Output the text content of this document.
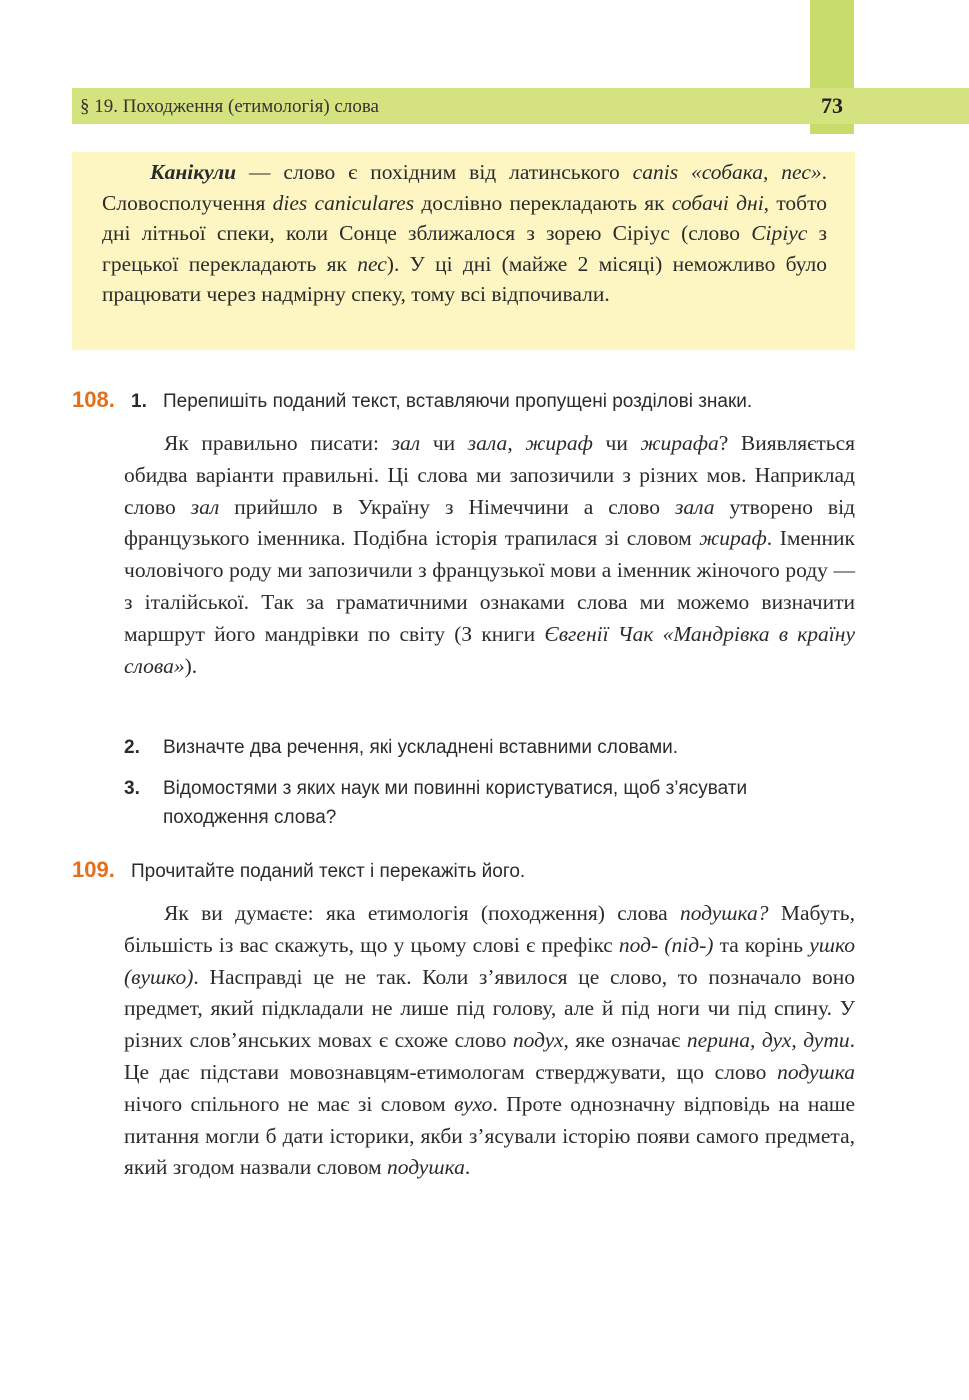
§ 19. Походження (етимологія) слова	73

Канікули — слово є похідним від латинського canis «собака, пес». Словосполучення dies caniculares дослівно перекладають як собачі дні, тобто дні літньої спеки, коли Сонце зближалося з зорею Сіріус (слово Сіріус з грецької перекладають як пес). У ці дні (майже 2 місяці) неможливо було працювати через надмірну спеку, тому всі відпочивали.

108. 1. Перепишіть поданий текст, вставляючи пропущені розділові знаки.

Як правильно писати: зал чи зала, жираф чи жирафа? Виявляється обидва варіанти правильні. Ці слова ми запозичили з різних мов. Наприклад слово зал прийшло в Україну з Німеччини а слово зала утворено від французького іменника. Подібна історія трапилася зі словом жираф. Іменник чоловічого роду ми запозичили з французької мови а іменник жіночого роду — з італійської. Так за граматичними ознаками слова ми можемо визначити маршрут його мандрівки по світу (З книги Євгенії Чак «Мандрівка в країну слова»).

2. Визначте два речення, які ускладнені вставними словами.
3. Відомостями з яких наук ми повинні користуватися, щоб з’ясувати
походження слова?
109. Прочитайте поданий текст і перекажіть його.

Як ви думаєте: яка етимологія (походження) слова подушка? Мабуть, більшість із вас скажуть, що у цьому слові є префікс под- (під-) та корінь ушко (вушко). Насправді це не так. Коли з’явилося це слово, то позначало воно предмет, який підкладали не лише під голову, але й під ноги чи під спину. У різних слов’янських мовах є схоже слово подух, яке означає перина, дух, дути. Це дає підстави мовознавцям-етимологам стверджувати, що слово подушка нічого спільного не має зі словом вухо. Проте однозначну відповідь на наше питання могли б дати історики, якби з’ясували історію появи самого предмета, який згодом назвали словом подушка.
